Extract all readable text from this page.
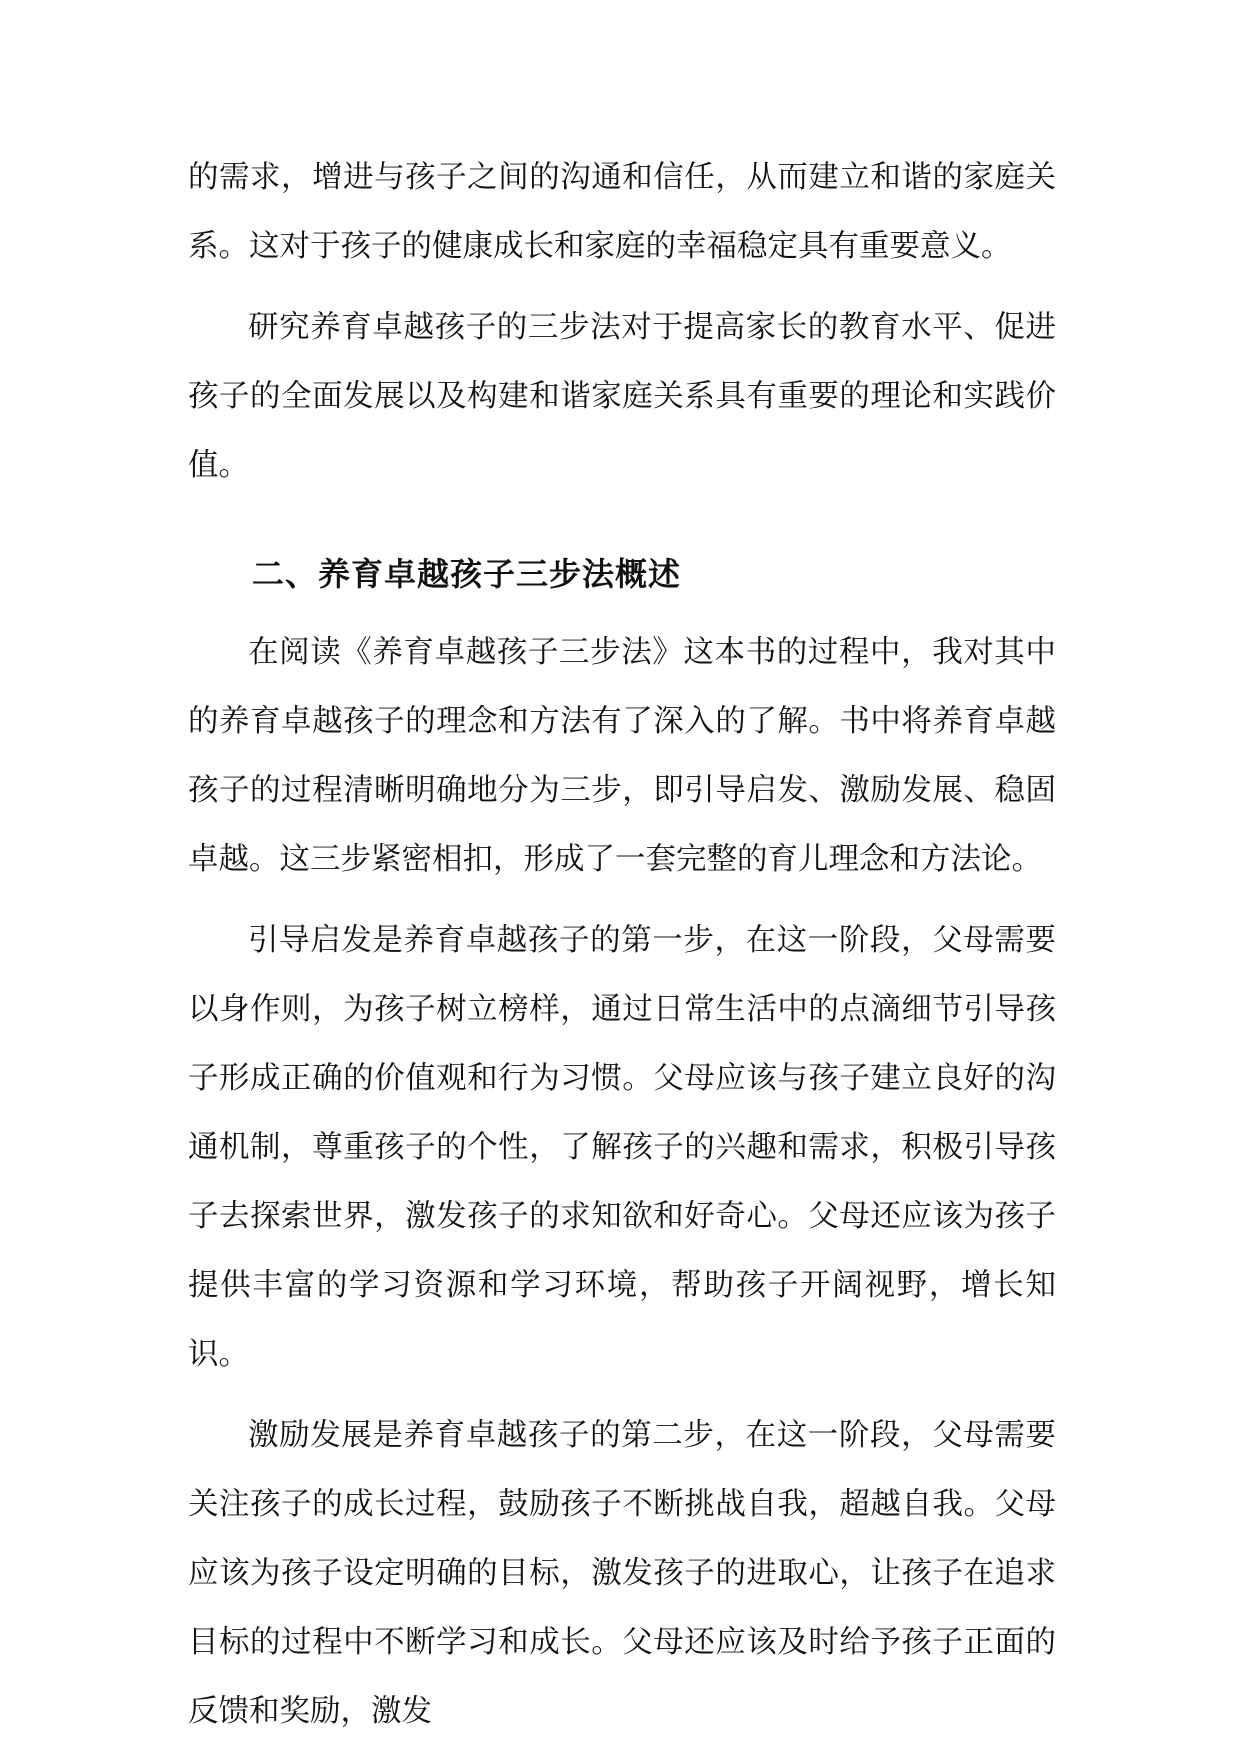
的需求，增进与孩子之间的沟通和信任，从而建立和谐的家庭关系。这对于孩子的健康成长和家庭的幸福稳定具有重要意义。

研究养育卓越孩子的三步法对于提高家长的教育水平、促进孩子的全面发展以及构建和谐家庭关系具有重要的理论和实践价值。

二、养育卓越孩子三步法概述

在阅读《养育卓越孩子三步法》这本书的过程中，我对其中的养育卓越孩子的理念和方法有了深入的了解。书中将养育卓越孩子的过程清晰明确地分为三步，即引导启发、激励发展、稳固卓越。这三步紧密相扣，形成了一套完整的育儿理念和方法论。

引导启发是养育卓越孩子的第一步，在这一阶段，父母需要以身作则，为孩子树立榜样，通过日常生活中的点滴细节引导孩子形成正确的价值观和行为习惯。父母应该与孩子建立良好的沟通机制，尊重孩子的个性，了解孩子的兴趣和需求，积极引导孩子去探索世界，激发孩子的求知欲和好奇心。父母还应该为孩子提供丰富的学习资源和学习环境，帮助孩子开阔视野，增长知识。

激励发展是养育卓越孩子的第二步，在这一阶段，父母需要关注孩子的成长过程，鼓励孩子不断挑战自我，超越自我。父母应该为孩子设定明确的目标，激发孩子的进取心，让孩子在追求目标的过程中不断学习和成长。父母还应该及时给予孩子正面的反馈和奖励，激发
